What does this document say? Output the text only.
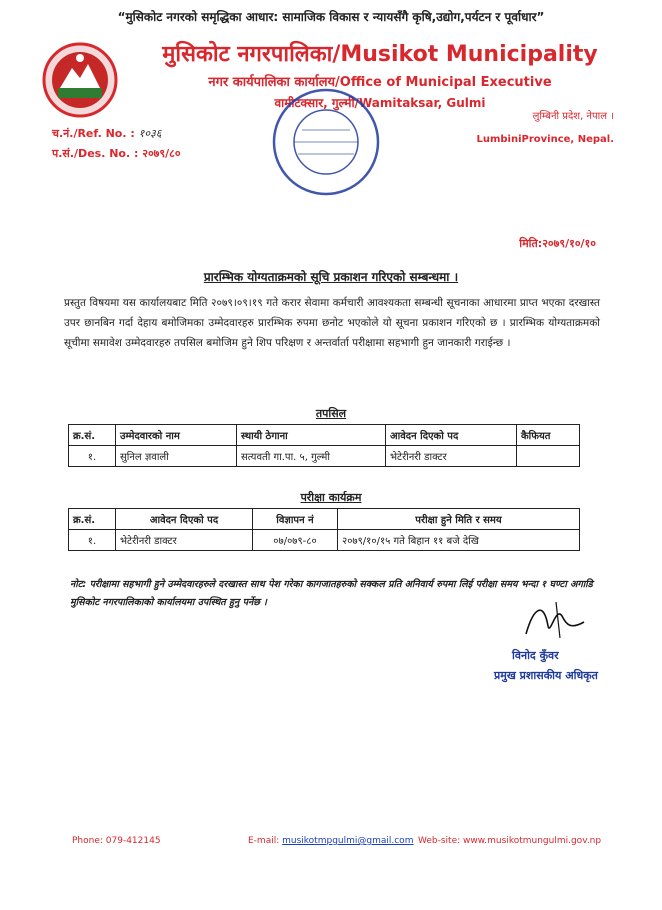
“मुसिकोट नगरको समृद्धिका आधार: सामाजिक विकास र न्यायसँगै कृषि,उद्योग,पर्यटन र पूर्वाधार”
मुसिकोट नगरपालिका/Musikot Municipality
नगर कार्यपालिका कार्यालय/Office of Municipal Executive
वामीटक्सार, गुल्मी/Wamitaksar, Gulmi
लुम्बिनी प्रदेश, नेपाल ।
LumbiniProvince, Nepal.
च.नं./Ref. No. : १०३६
प.सं./Des. No. : २०७९/८०
मिति:२०७९/१०/१०
प्रारम्भिक योग्यताक्रमको सूचि प्रकाशन गरिएको सम्बन्धमा ।
प्रस्तुत विषयमा यस कार्यालयबाट मिति २०७९।०९।१९ गते करार सेवामा कर्मचारी आवश्यकता सम्बन्धी सूचनाका आधारमा प्राप्त भएका दरखास्त उपर छानबिन गर्दा देहाय बमोजिमका उम्मेदवारहरु प्रारम्भिक रुपमा छनोट भएकोले यो सूचना प्रकाशन गरिएको छ । प्रारम्भिक योग्यताक्रमको सूचीमा समावेश उम्मेदवारहरु तपसिल बमोजिम हुने शिप परिक्षण र अन्तर्वार्ता परीक्षामा सहभागी हुन जानकारी गराईन्छ ।
तपसिल
क्र.सं.	उम्मेदवारको नाम	स्थायी ठेगाना	आवेदन दिएको पद	कैफियत
१.	सुनिल ज्ञवाली	सत्यवती गा.पा. ५, गुल्मी	भेटेरीनरी डाक्टर	
परीक्षा कार्यक्रम
क्र.सं.	आवेदन दिएको पद	विज्ञापन नं	परीक्षा हुने मिति र समय
१.	भेटेरीनरी डाक्टर	०७/०७९-८०	२०७९/१०/१५ गते बिहान ११ बजे देखि
नोट: परीक्षामा सहभागी हुने उम्मेदवारहरुले दरखास्त साथ पेश गरेका कागजातहरुको सक्कल प्रति अनिवार्य रुपमा लिई परीक्षा समय भन्दा १ घण्टा अगाडि मुसिकोट नगरपालिकाको कार्यालयमा उपस्थित हुनु पर्नेछ ।
विनोद कुँवर
प्रमुख प्रशासकीय अधिकृत
Phone: 079-412145	E-mail: musikotmpgulmi@gmail.com Web-site: www.musikotmungulmi.gov.np
